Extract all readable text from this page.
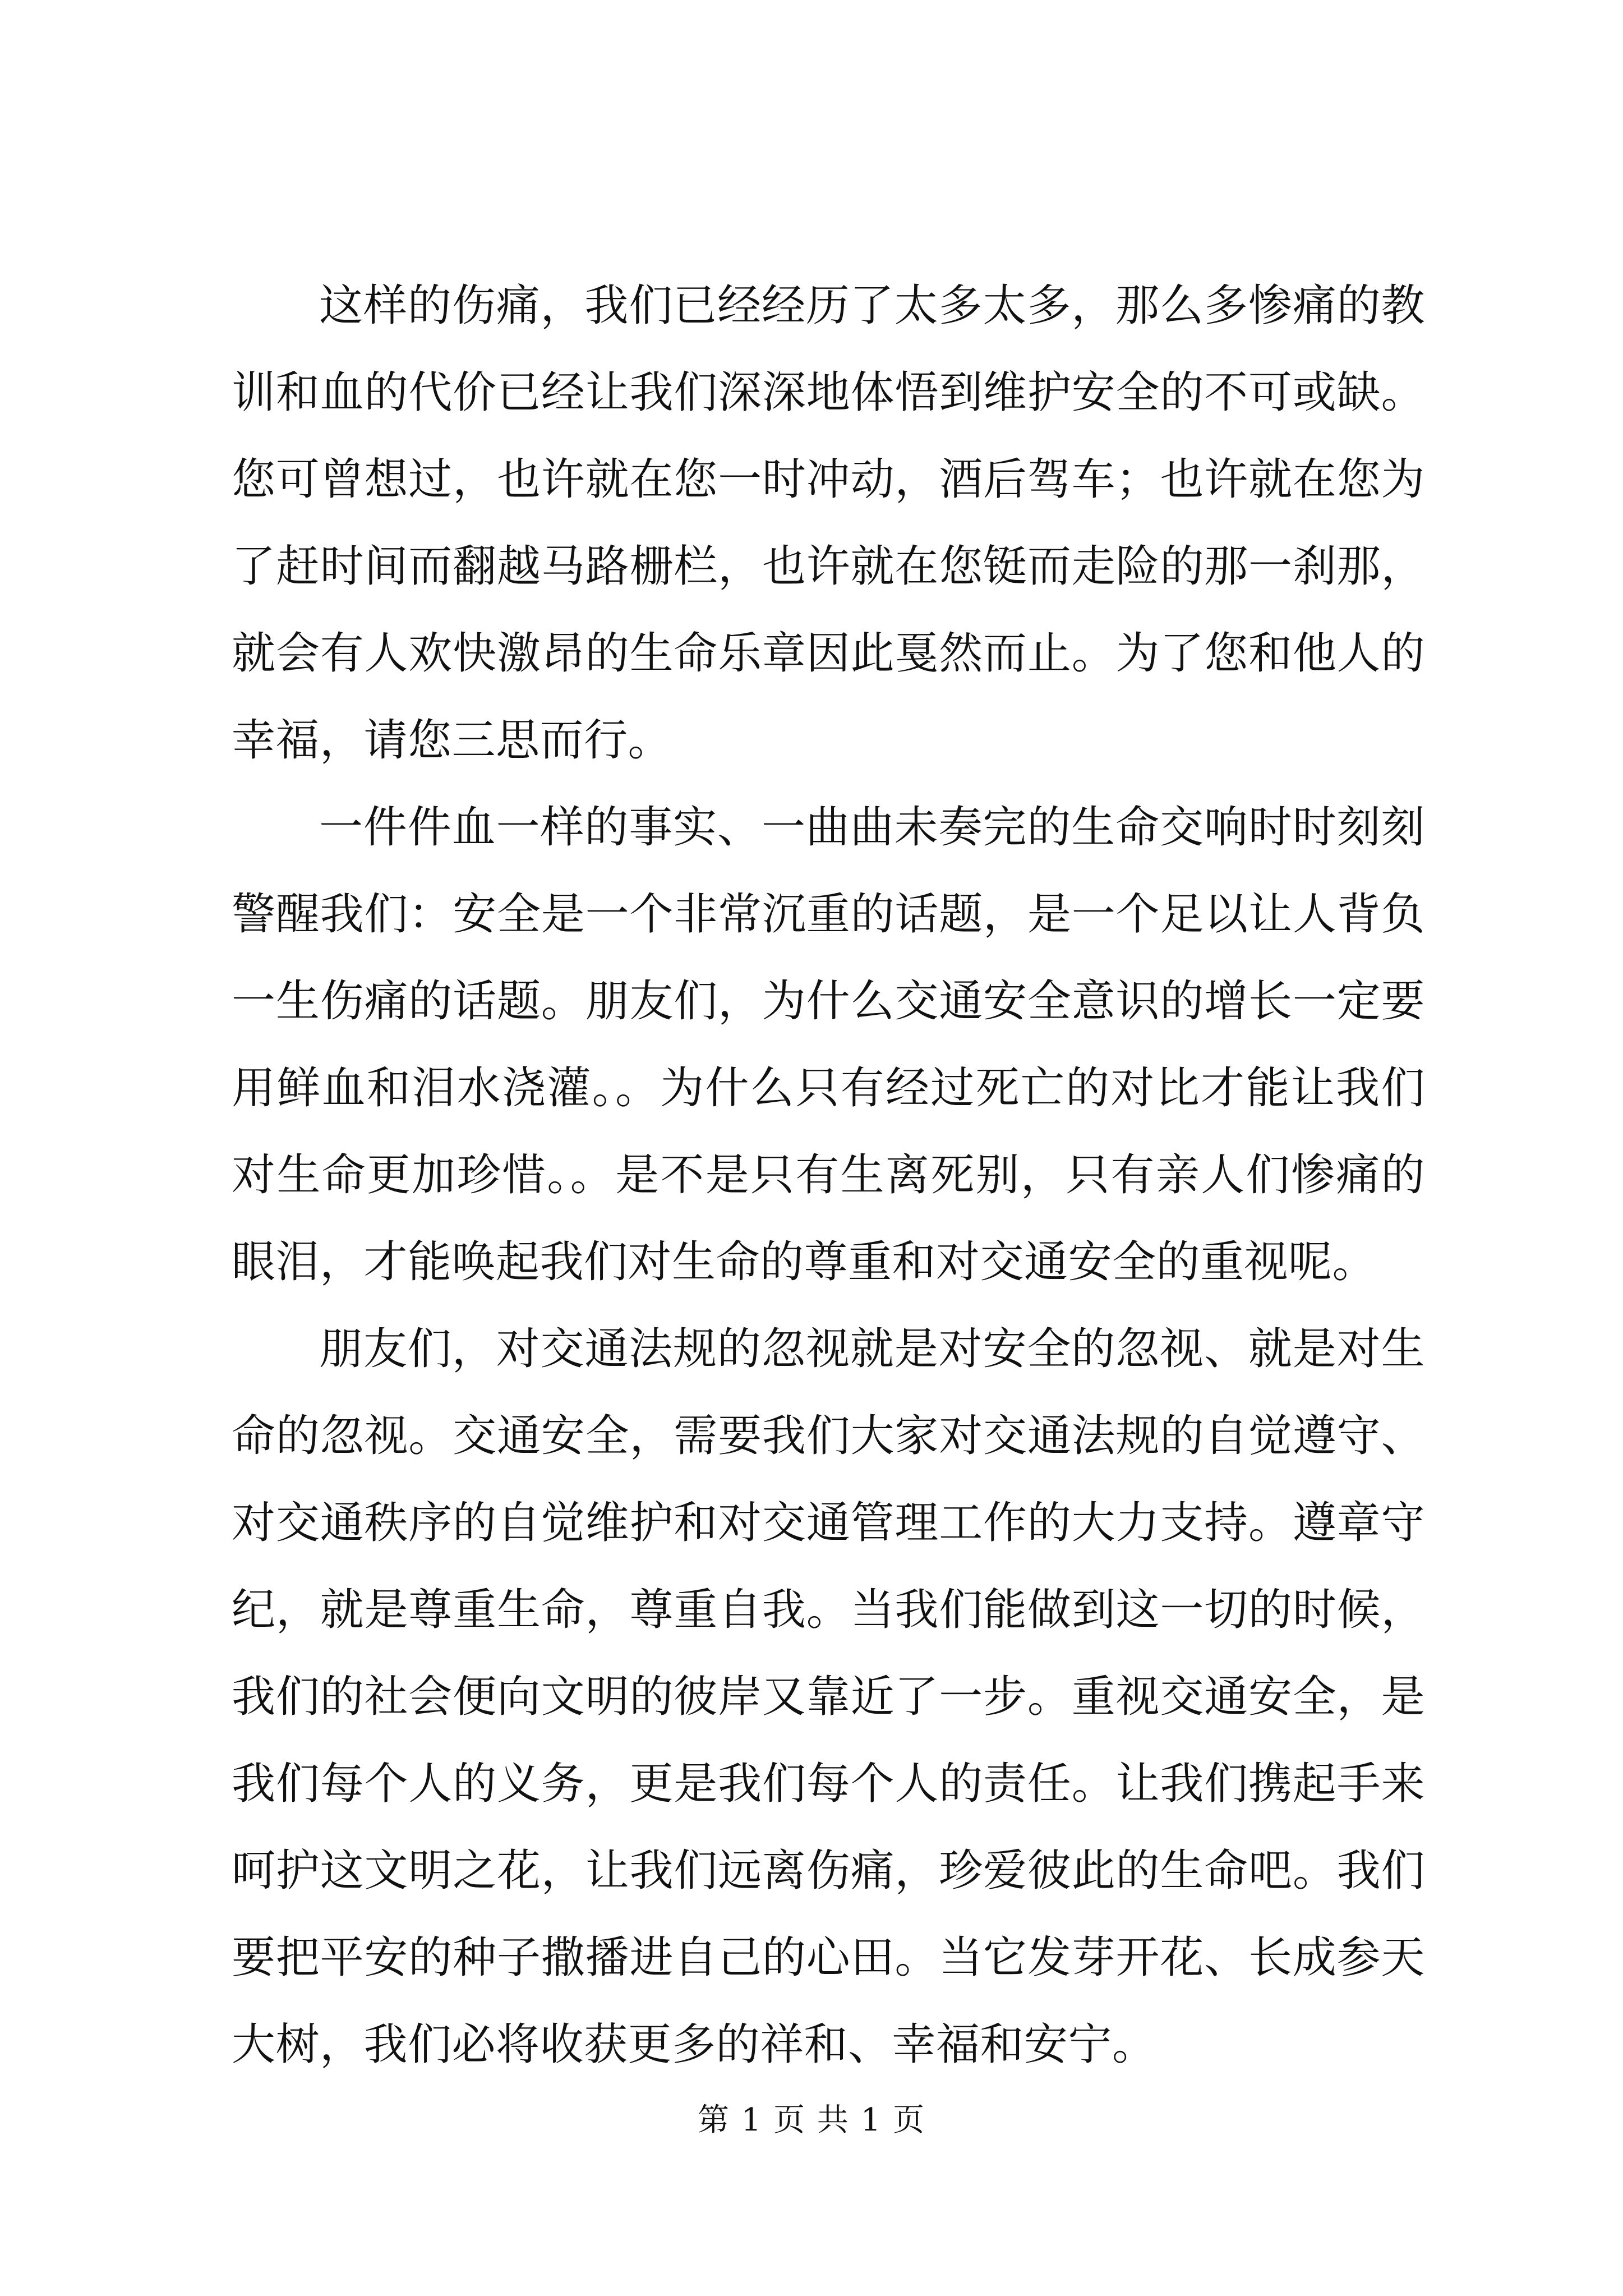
这样的伤痛，我们已经经历了太多太多，那么多惨痛的教训和血的代价已经让我们深深地体悟到维护安全的不可或缺。您可曾想过，也许就在您一时冲动，酒后驾车；也许就在您为了赶时间而翻越马路栅栏，也许就在您铤而走险的那一刹那，就会有人欢快激昂的生命乐章因此戛然而止。为了您和他人的幸福，请您三思而行。

一件件血一样的事实、一曲曲未奏完的生命交响时时刻刻警醒我们：安全是一个非常沉重的话题，是一个足以让人背负一生伤痛的话题。朋友们，为什么交通安全意识的增长一定要用鲜血和泪水浇灌。。为什么只有经过死亡的对比才能让我们对生命更加珍惜。。是不是只有生离死别，只有亲人们惨痛的眼泪，才能唤起我们对生命的尊重和对交通安全的重视呢。

朋友们，对交通法规的忽视就是对安全的忽视、就是对生命的忽视。交通安全，需要我们大家对交通法规的自觉遵守、对交通秩序的自觉维护和对交通管理工作的大力支持。遵章守纪，就是尊重生命，尊重自我。当我们能做到这一切的时候，我们的社会便向文明的彼岸又靠近了一步。重视交通安全，是我们每个人的义务，更是我们每个人的责任。让我们携起手来呵护这文明之花，让我们远离伤痛，珍爱彼此的生命吧。我们要把平安的种子撒播进自己的心田。当它发芽开花、长成参天大树，我们必将收获更多的祥和、幸福和安宁。

第 1 页 共 1 页
